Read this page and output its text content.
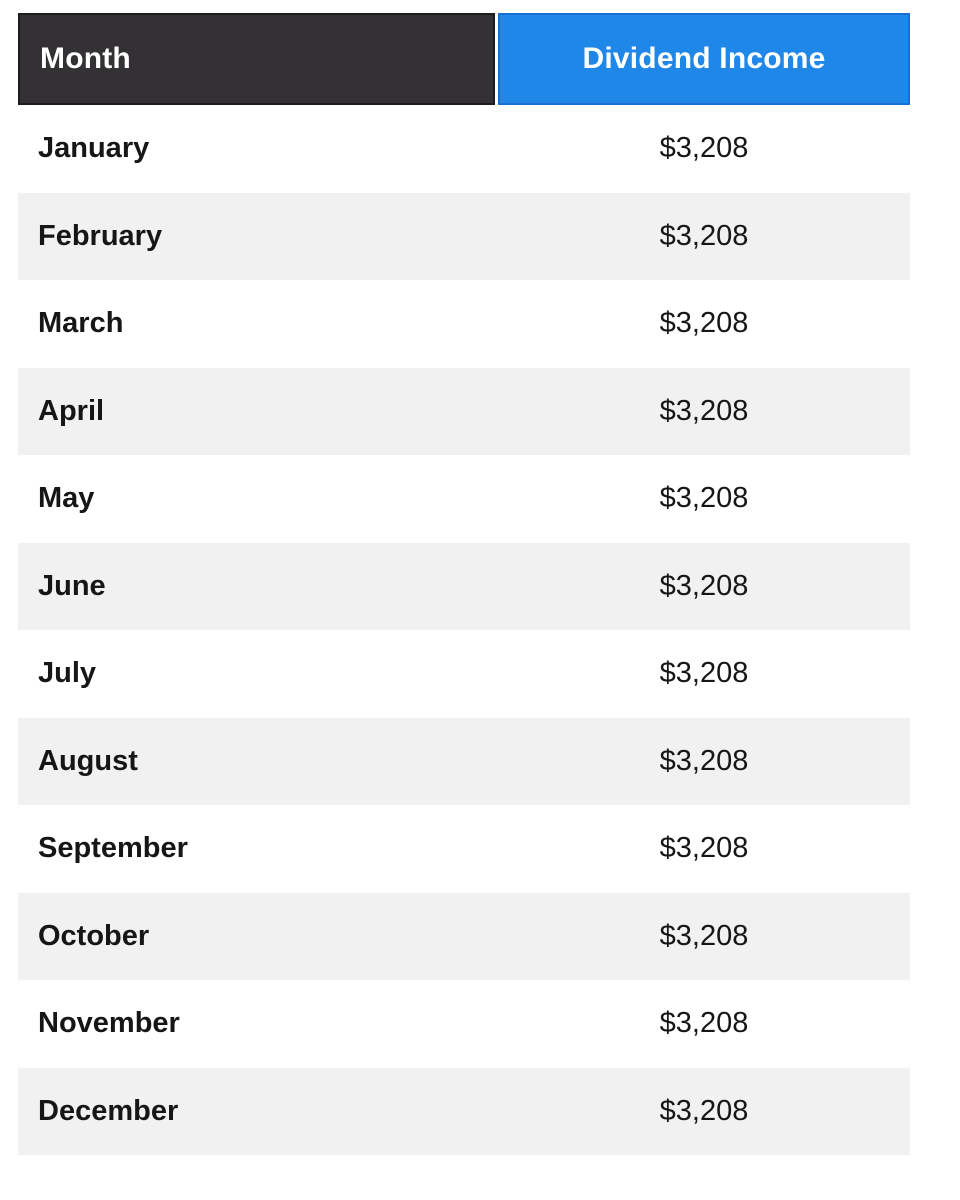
Month	Dividend Income
January	$3,208
February	$3,208
March	$3,208
April	$3,208
May	$3,208
June	$3,208
July	$3,208
August	$3,208
September	$3,208
October	$3,208
November	$3,208
December	$3,208
